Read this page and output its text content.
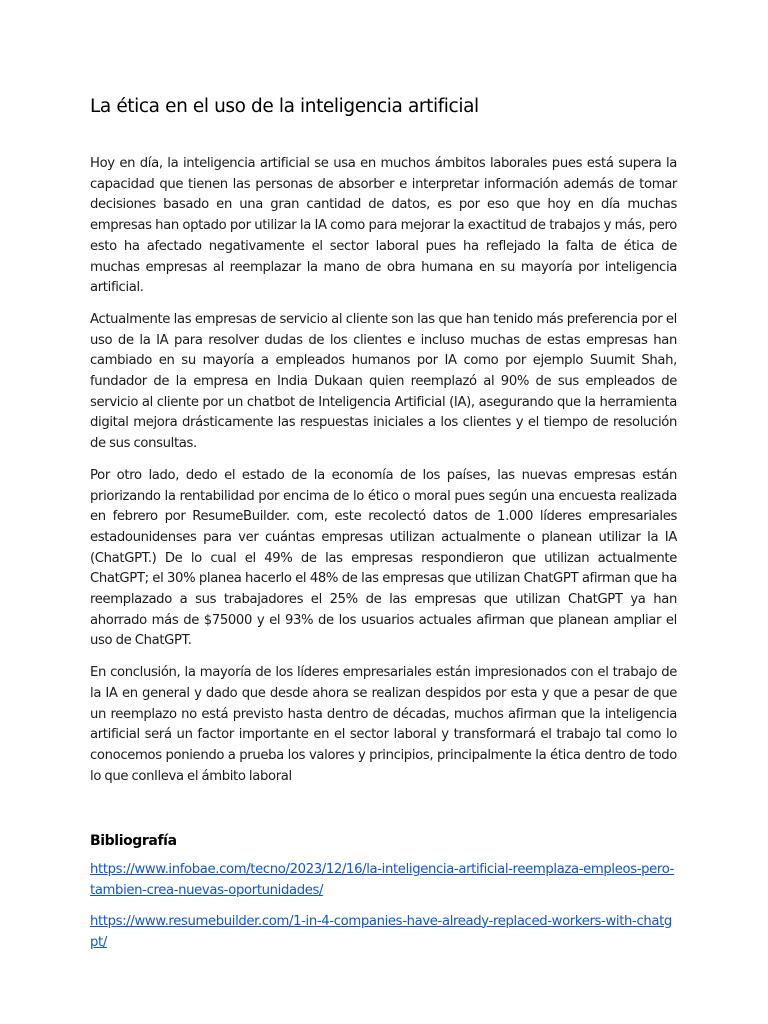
La ética en el uso de la inteligencia artificial

Hoy en día, la inteligencia artificial se usa en muchos ámbitos laborales pues está supera la capacidad que tienen las personas de absorber e interpretar información además de tomar decisiones basado en una gran cantidad de datos, es por eso que hoy en día muchas empresas han optado por utilizar la IA como para mejorar la exactitud de trabajos y más, pero esto ha afectado negativamente el sector laboral pues ha reflejado la falta de ética de muchas empresas al reemplazar la mano de obra humana en su mayoría por inteligencia artificial.

Actualmente las empresas de servicio al cliente son las que han tenido más preferencia por el uso de la IA para resolver dudas de los clientes e incluso muchas de estas empresas han cambiado en su mayoría a empleados humanos por IA como por ejemplo Suumit Shah, fundador de la empresa en India Dukaan quien reemplazó al 90% de sus empleados de servicio al cliente por un chatbot de Inteligencia Artificial (IA), asegurando que la herramienta digital mejora drásticamente las respuestas iniciales a los clientes y el tiempo de resolución de sus consultas.

Por otro lado, dedo el estado de la economía de los países, las nuevas empresas están priorizando la rentabilidad por encima de lo ético o moral pues según una encuesta realizada en febrero por ResumeBuilder. com, este recolectó datos de 1.000 líderes empresariales estadounidenses para ver cuántas empresas utilizan actualmente o planean utilizar la IA (ChatGPT.) De lo cual el 49% de las empresas respondieron que utilizan actualmente ChatGPT; el 30% planea hacerlo el 48% de las empresas que utilizan ChatGPT afirman que ha reemplazado a sus trabajadores el 25% de las empresas que utilizan ChatGPT ya han ahorrado más de $75000 y el 93% de los usuarios actuales afirman que planean ampliar el uso de ChatGPT.

En conclusión, la mayoría de los líderes empresariales están impresionados con el trabajo de la IA en general y dado que desde ahora se realizan despidos por esta y que a pesar de que un reemplazo no está previsto hasta dentro de décadas, muchos afirman que la inteligencia artificial será un factor importante en el sector laboral y transformará el trabajo tal como lo conocemos poniendo a prueba los valores y principios, principalmente la ética dentro de todo lo que conlleva el ámbito laboral

Bibliografía
https://www.infobae.com/tecno/2023/12/16/la-inteligencia-artificial-reemplaza-empleos-pero-tambien-crea-nuevas-oportunidades/
https://www.resumebuilder.com/1-in-4-companies-have-already-replaced-workers-with-chatgpt/
